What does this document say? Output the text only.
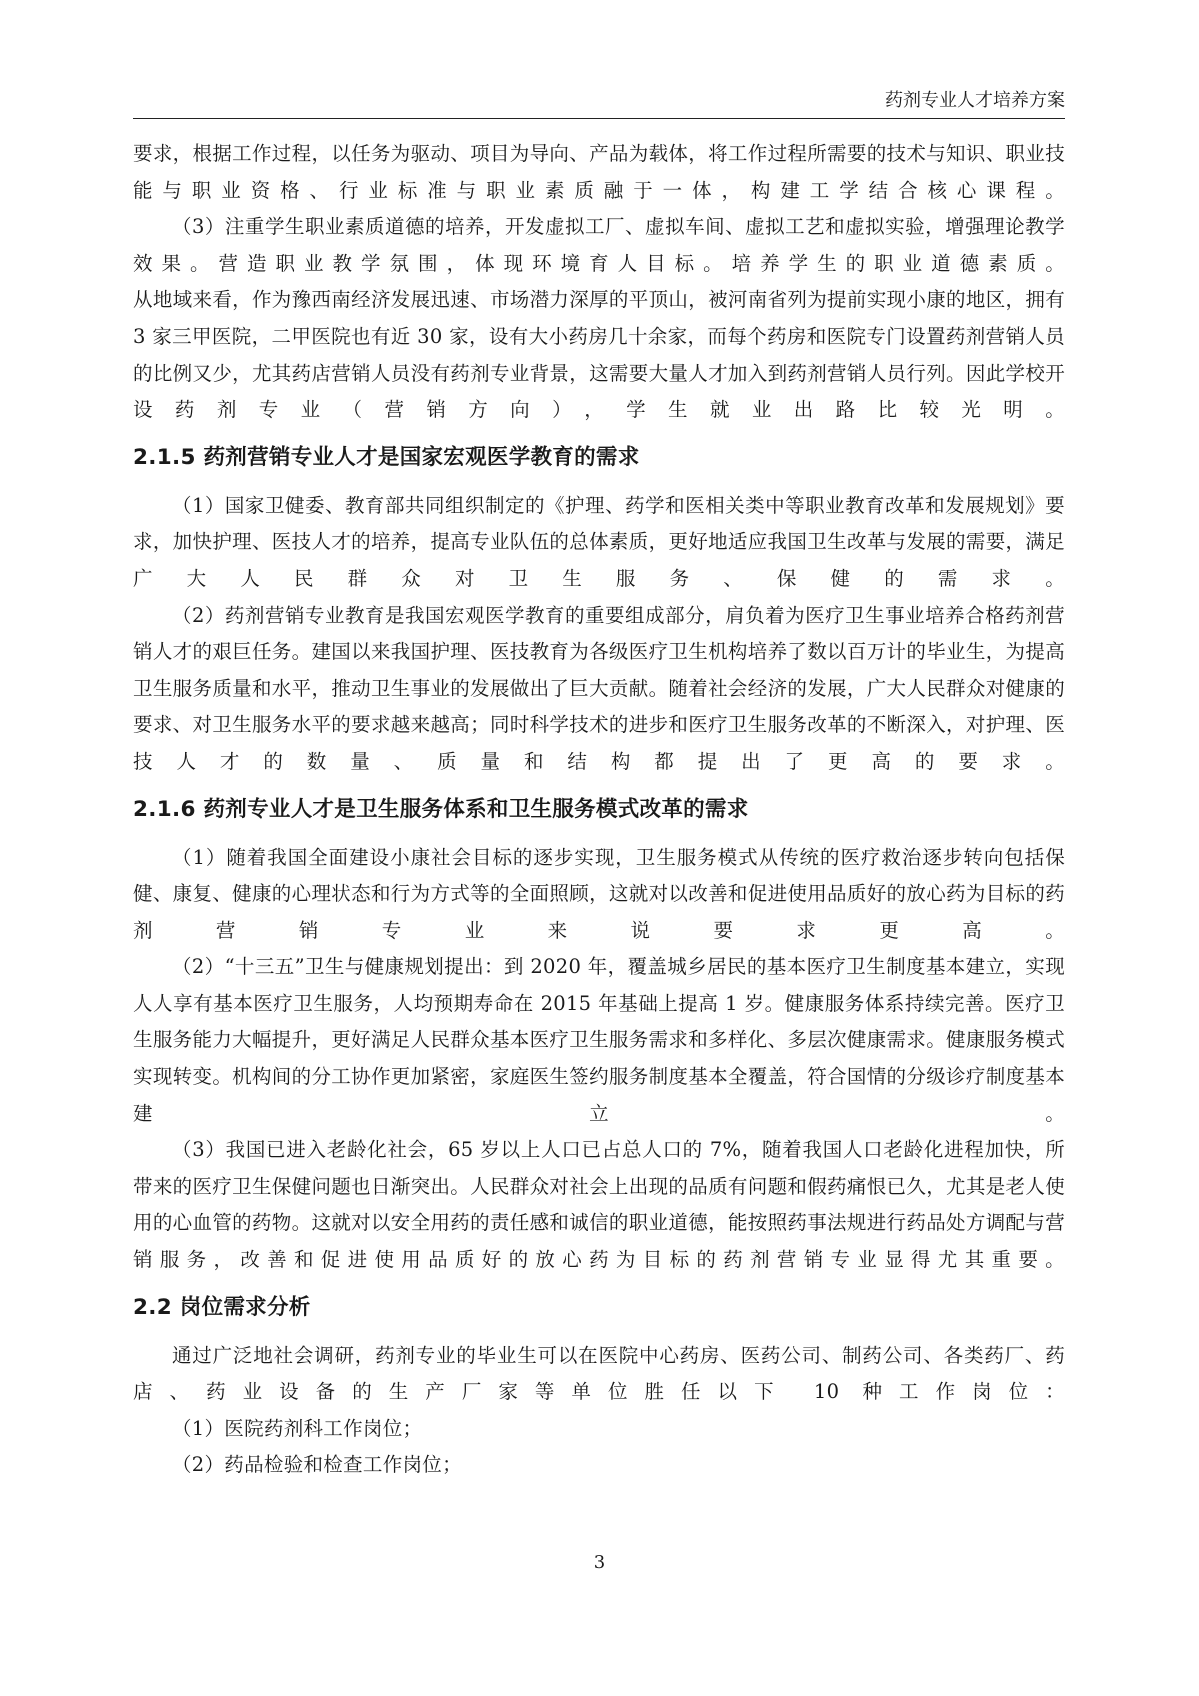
药剂专业人才培养方案

要求，根据工作过程，以任务为驱动、项目为导向、产品为载体，将工作过程所需要的技术与知识、职业技能与职业资格、行业标准与职业素质融于一体，构建工学结合核心课程。

（3）注重学生职业素质道德的培养，开发虚拟工厂、虚拟车间、虚拟工艺和虚拟实验，增强理论教学效果。营造职业教学氛围，体现环境育人目标。培养学生的职业道德素质。

从地域来看，作为豫西南经济发展迅速、市场潜力深厚的平顶山，被河南省列为提前实现小康的地区，拥有 3 家三甲医院，二甲医院也有近 30 家，设有大小药房几十余家，而每个药房和医院专门设置药剂营销人员的比例又少，尤其药店营销人员没有药剂专业背景，这需要大量人才加入到药剂营销人员行列。因此学校开设药剂专业（营销方向），学生就业出路比较光明。

2.1.5 药剂营销专业人才是国家宏观医学教育的需求

（1）国家卫健委、教育部共同组织制定的《护理、药学和医相关类中等职业教育改革和发展规划》要求，加快护理、医技人才的培养，提高专业队伍的总体素质，更好地适应我国卫生改革与发展的需要，满足广大人民群众对卫生服务、保健的需求。

（2）药剂营销专业教育是我国宏观医学教育的重要组成部分，肩负着为医疗卫生事业培养合格药剂营销人才的艰巨任务。建国以来我国护理、医技教育为各级医疗卫生机构培养了数以百万计的毕业生，为提高卫生服务质量和水平，推动卫生事业的发展做出了巨大贡献。随着社会经济的发展，广大人民群众对健康的要求、对卫生服务水平的要求越来越高；同时科学技术的进步和医疗卫生服务改革的不断深入，对护理、医技人才的数量、质量和结构都提出了更高的要求。

2.1.6 药剂专业人才是卫生服务体系和卫生服务模式改革的需求

（1）随着我国全面建设小康社会目标的逐步实现，卫生服务模式从传统的医疗救治逐步转向包括保健、康复、健康的心理状态和行为方式等的全面照顾，这就对以改善和促进使用品质好的放心药为目标的药剂营销专业来说要求更高。

（2）“十三五”卫生与健康规划提出：到 2020 年，覆盖城乡居民的基本医疗卫生制度基本建立，实现人人享有基本医疗卫生服务，人均预期寿命在 2015 年基础上提高 1 岁。健康服务体系持续完善。医疗卫生服务能力大幅提升，更好满足人民群众基本医疗卫生服务需求和多样化、多层次健康需求。健康服务模式实现转变。机构间的分工协作更加紧密，家庭医生签约服务制度基本全覆盖，符合国情的分级诊疗制度基本建立。

（3）我国已进入老龄化社会，65 岁以上人口已占总人口的 7%，随着我国人口老龄化进程加快，所带来的医疗卫生保健问题也日渐突出。人民群众对社会上出现的品质有问题和假药痛恨已久，尤其是老人使用的心血管的药物。这就对以安全用药的责任感和诚信的职业道德，能按照药事法规进行药品处方调配与营销服务，改善和促进使用品质好的放心药为目标的药剂营销专业显得尤其重要。

2.2 岗位需求分析

通过广泛地社会调研，药剂专业的毕业生可以在医院中心药房、医药公司、制药公司、各类药厂、药店、药业设备的生产厂家等单位胜任以下 10 种工作岗位：

（1）医院药剂科工作岗位；

（2）药品检验和检查工作岗位；

3
